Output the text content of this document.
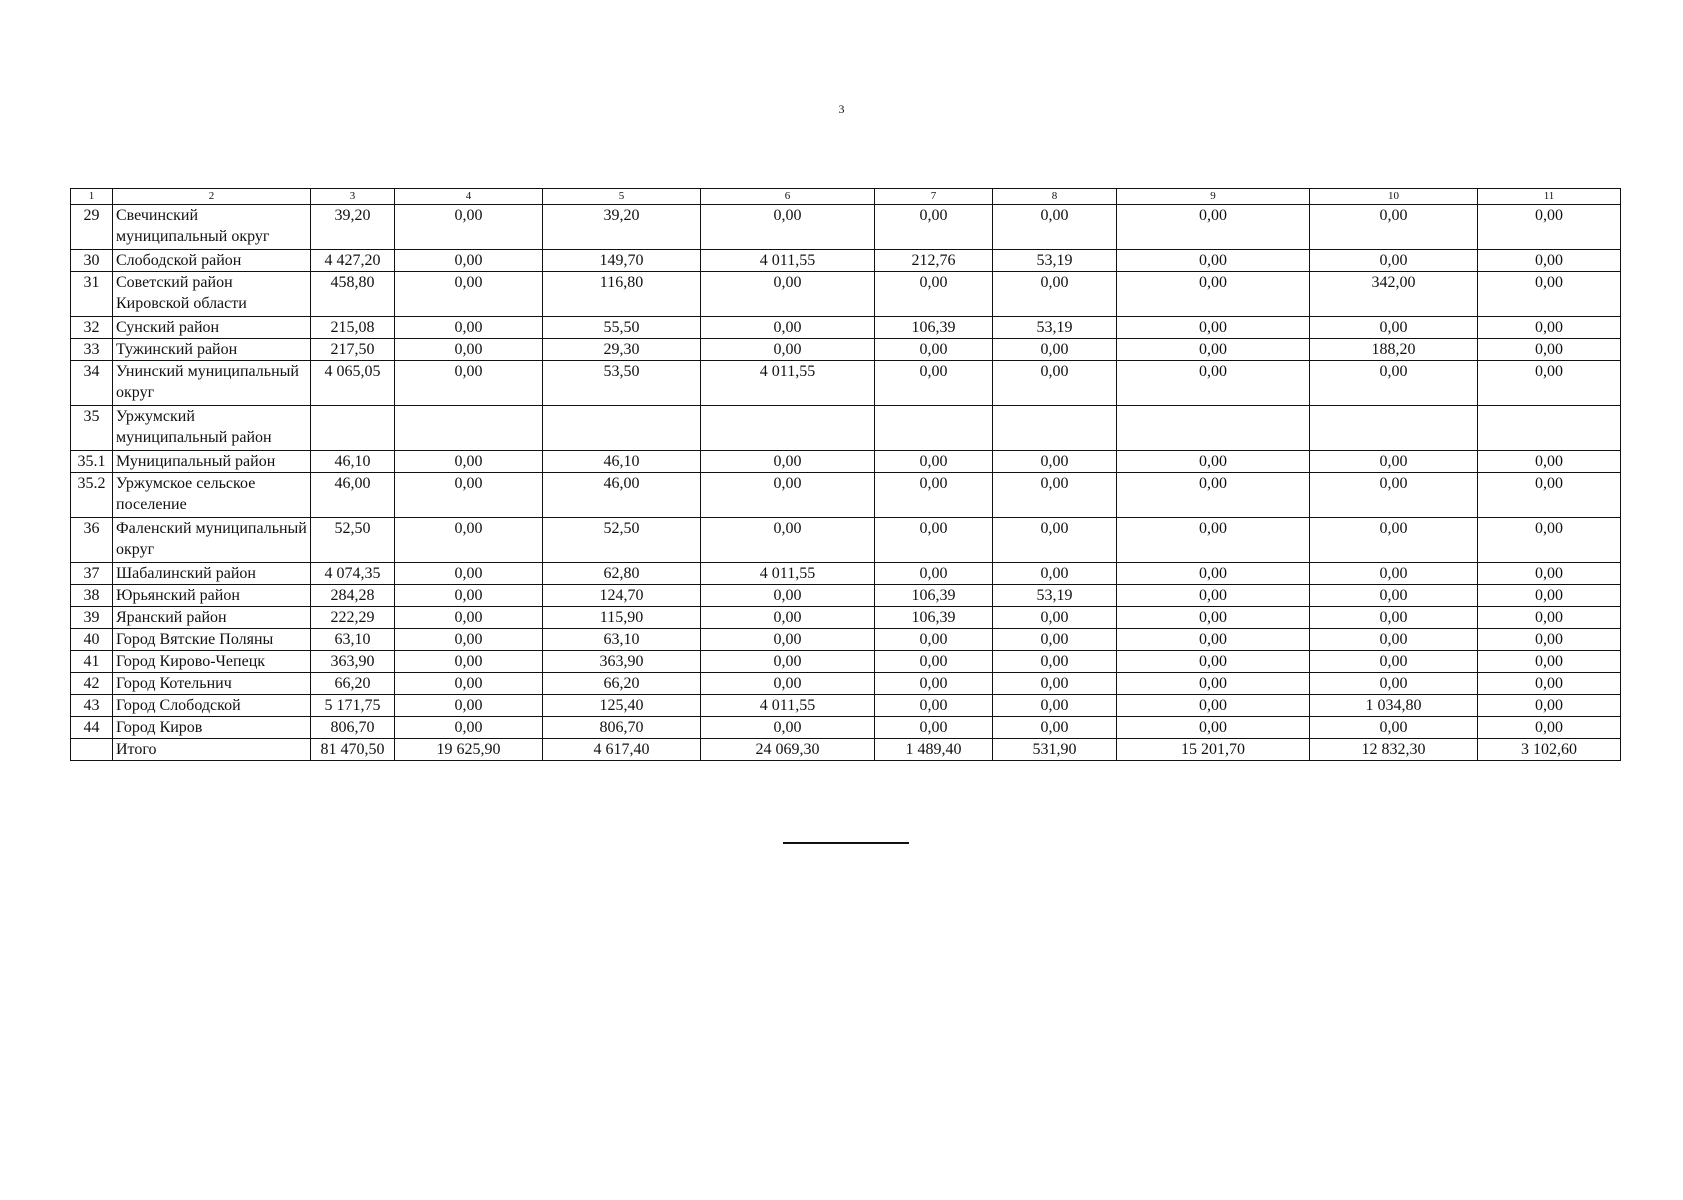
3
1	2	3	4	5	6	7	8	9	10	11
29	Свечинский муниципальный округ	39,20	0,00	39,20	0,00	0,00	0,00	0,00	0,00	0,00
30	Слободской район	4 427,20	0,00	149,70	4 011,55	212,76	53,19	0,00	0,00	0,00
31	Советский район Кировской области	458,80	0,00	116,80	0,00	0,00	0,00	0,00	342,00	0,00
32	Сунский район	215,08	0,00	55,50	0,00	106,39	53,19	0,00	0,00	0,00
33	Тужинский район	217,50	0,00	29,30	0,00	0,00	0,00	0,00	188,20	0,00
34	Унинский муниципальный округ	4 065,05	0,00	53,50	4 011,55	0,00	0,00	0,00	0,00	0,00
35	Уржумский муниципальный район									
35.1	Муниципальный район	46,10	0,00	46,10	0,00	0,00	0,00	0,00	0,00	0,00
35.2	Уржумское сельское поселение	46,00	0,00	46,00	0,00	0,00	0,00	0,00	0,00	0,00
36	Фаленский муниципальный округ	52,50	0,00	52,50	0,00	0,00	0,00	0,00	0,00	0,00
37	Шабалинский район	4 074,35	0,00	62,80	4 011,55	0,00	0,00	0,00	0,00	0,00
38	Юрьянский район	284,28	0,00	124,70	0,00	106,39	53,19	0,00	0,00	0,00
39	Яранский район	222,29	0,00	115,90	0,00	106,39	0,00	0,00	0,00	0,00
40	Город Вятские Поляны	63,10	0,00	63,10	0,00	0,00	0,00	0,00	0,00	0,00
41	Город Кирово-Чепецк	363,90	0,00	363,90	0,00	0,00	0,00	0,00	0,00	0,00
42	Город Котельнич	66,20	0,00	66,20	0,00	0,00	0,00	0,00	0,00	0,00
43	Город Слободской	5 171,75	0,00	125,40	4 011,55	0,00	0,00	0,00	1 034,80	0,00
44	Город Киров	806,70	0,00	806,70	0,00	0,00	0,00	0,00	0,00	0,00
	Итого	81 470,50	19 625,90	4 617,40	24 069,30	1 489,40	531,90	15 201,70	12 832,30	3 102,60
